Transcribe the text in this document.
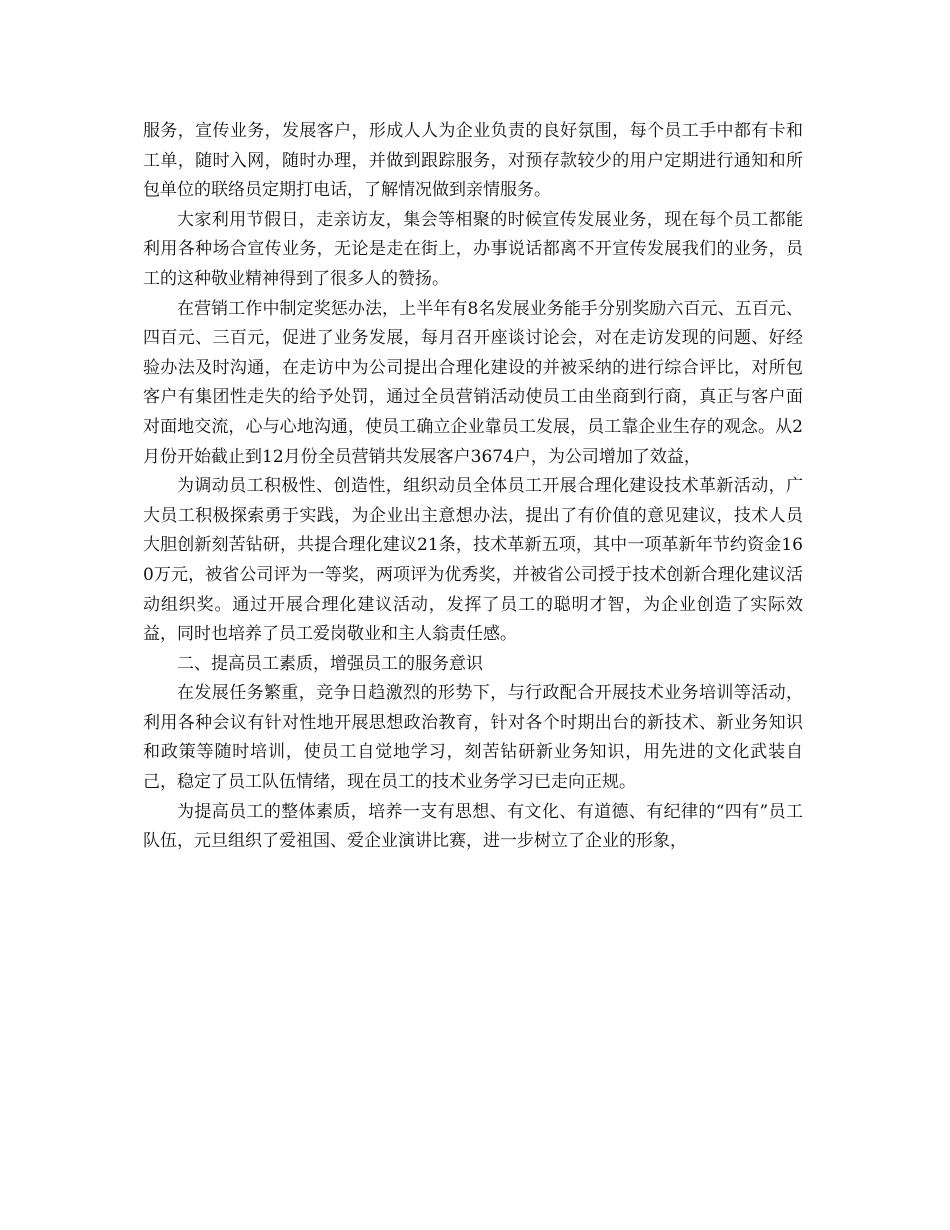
服务，宣传业务，发展客户，形成人人为企业负责的良好氛围，每个员工手中都有卡和工单，随时入网，随时办理，并做到跟踪服务，对预存款较少的用户定期进行通知和所包单位的联络员定期打电话，了解情况做到亲情服务。

大家利用节假日，走亲访友，集会等相聚的时候宣传发展业务，现在每个员工都能利用各种场合宣传业务，无论是走在街上，办事说话都离不开宣传发展我们的业务，员工的这种敬业精神得到了很多人的赞扬。

在营销工作中制定奖惩办法，上半年有8名发展业务能手分别奖励六百元、五百元、四百元、三百元，促进了业务发展，每月召开座谈讨论会，对在走访发现的问题、好经验办法及时沟通，在走访中为公司提出合理化建设的并被采纳的进行综合评比，对所包客户有集团性走失的给予处罚，通过全员营销活动使员工由坐商到行商，真正与客户面对面地交流，心与心地沟通，使员工确立企业靠员工发展，员工靠企业生存的观念。从2月份开始截止到12月份全员营销共发展客户3674户，为公司增加了效益，

为调动员工积极性、创造性，组织动员全体员工开展合理化建设技术革新活动，广大员工积极探索勇于实践，为企业出主意想办法，提出了有价值的意见建议，技术人员大胆创新刻苦钻研，共提合理化建议21条，技术革新五项，其中一项革新年节约资金160万元，被省公司评为一等奖，两项评为优秀奖，并被省公司授于技术创新合理化建议活动组织奖。通过开展合理化建议活动，发挥了员工的聪明才智，为企业创造了实际效益，同时也培养了员工爱岗敬业和主人翁责任感。

二、提高员工素质，增强员工的服务意识

在发展任务繁重，竞争日趋激烈的形势下，与行政配合开展技术业务培训等活动，利用各种会议有针对性地开展思想政治教育，针对各个时期出台的新技术、新业务知识和政策等随时培训，使员工自觉地学习，刻苦钻研新业务知识，用先进的文化武装自己，稳定了员工队伍情绪，现在员工的技术业务学习已走向正规。

为提高员工的整体素质，培养一支有思想、有文化、有道德、有纪律的“四有”员工队伍，元旦组织了爱祖国、爱企业演讲比赛，进一步树立了企业的形象，
